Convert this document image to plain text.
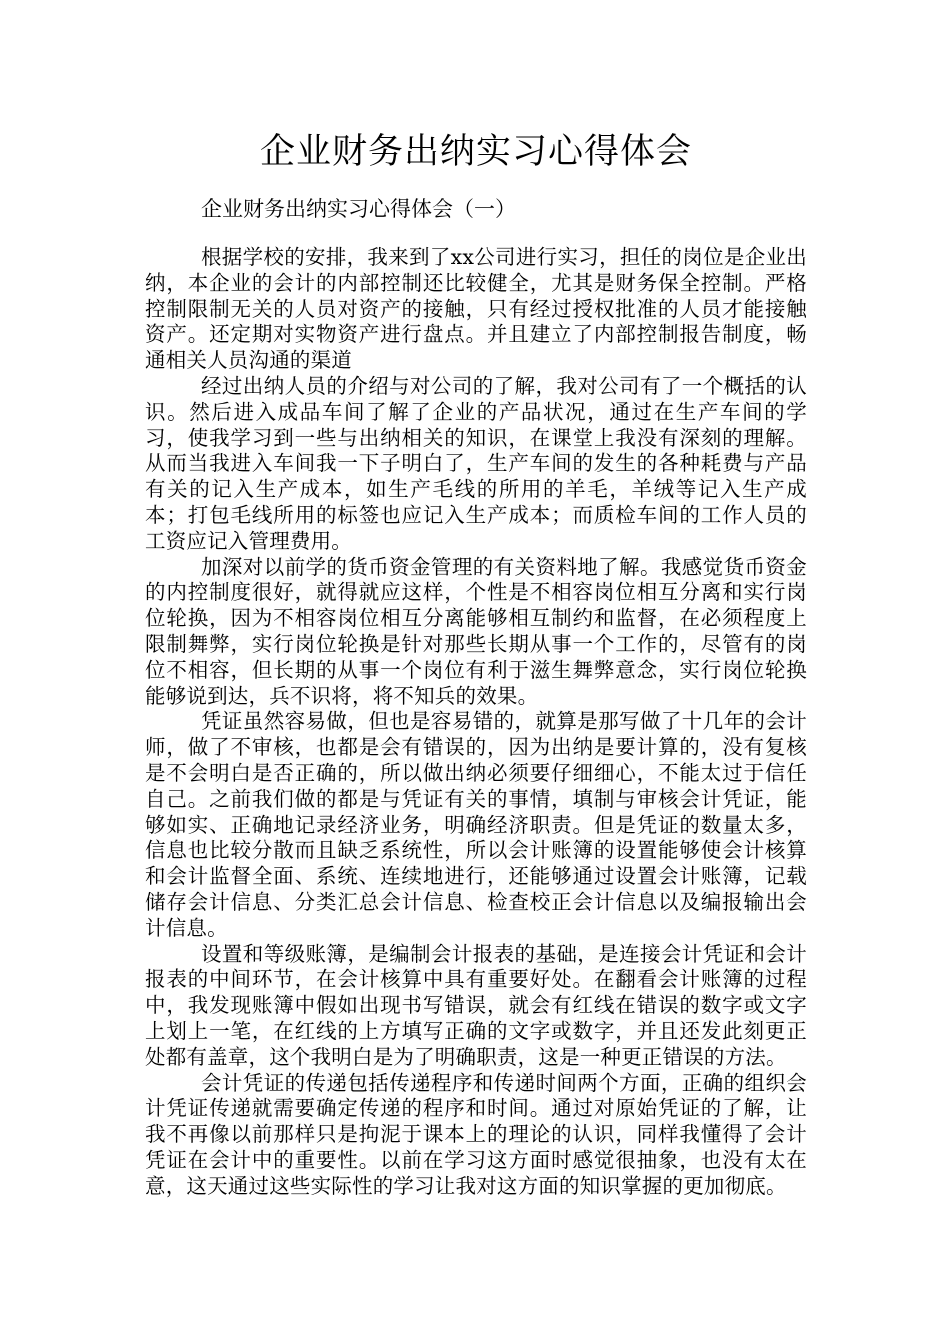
企业财务出纳实习心得体会

企业财务出纳实习心得体会（一）

根据学校的安排，我来到了xx公司进行实习，担任的岗位是企业出纳，本企业的会计的内部控制还比较健全，尤其是财务保全控制。严格控制限制无关的人员对资产的接触，只有经过授权批准的人员才能接触资产。还定期对实物资产进行盘点。并且建立了内部控制报告制度，畅通相关人员沟通的渠道

经过出纳人员的介绍与对公司的了解，我对公司有了一个概括的认识。然后进入成品车间了解了企业的产品状况，通过在生产车间的学习，使我学习到一些与出纳相关的知识，在课堂上我没有深刻的理解。从而当我进入车间我一下子明白了，生产车间的发生的各种耗费与产品有关的记入生产成本，如生产毛线的所用的羊毛，羊绒等记入生产成本；打包毛线所用的标签也应记入生产成本；而质检车间的工作人员的工资应记入管理费用。

加深对以前学的货币资金管理的有关资料地了解。我感觉货币资金的内控制度很好，就得就应这样，个性是不相容岗位相互分离和实行岗位轮换，因为不相容岗位相互分离能够相互制约和监督，在必须程度上限制舞弊，实行岗位轮换是针对那些长期从事一个工作的，尽管有的岗位不相容，但长期的从事一个岗位有利于滋生舞弊意念，实行岗位轮换能够说到达，兵不识将，将不知兵的效果。

凭证虽然容易做，但也是容易错的，就算是那写做了十几年的会计师，做了不审核，也都是会有错误的，因为出纳是要计算的，没有复核是不会明白是否正确的，所以做出纳必须要仔细细心，不能太过于信任自己。之前我们做的都是与凭证有关的事情，填制与审核会计凭证，能够如实、正确地记录经济业务，明确经济职责。但是凭证的数量太多，信息也比较分散而且缺乏系统性，所以会计账簿的设置能够使会计核算和会计监督全面、系统、连续地进行，还能够通过设置会计账簿，记载储存会计信息、分类汇总会计信息、检查校正会计信息以及编报输出会计信息。

设置和等级账簿，是编制会计报表的基础，是连接会计凭证和会计报表的中间环节，在会计核算中具有重要好处。在翻看会计账簿的过程中，我发现账簿中假如出现书写错误，就会有红线在错误的数字或文字上划上一笔，在红线的上方填写正确的文字或数字，并且还发此刻更正处都有盖章，这个我明白是为了明确职责，这是一种更正错误的方法。

会计凭证的传递包括传递程序和传递时间两个方面，正确的组织会计凭证传递就需要确定传递的程序和时间。通过对原始凭证的了解，让我不再像以前那样只是拘泥于课本上的理论的认识，同样我懂得了会计凭证在会计中的重要性。以前在学习这方面时感觉很抽象，也没有太在意，这天通过这些实际性的学习让我对这方面的知识掌握的更加彻底。
